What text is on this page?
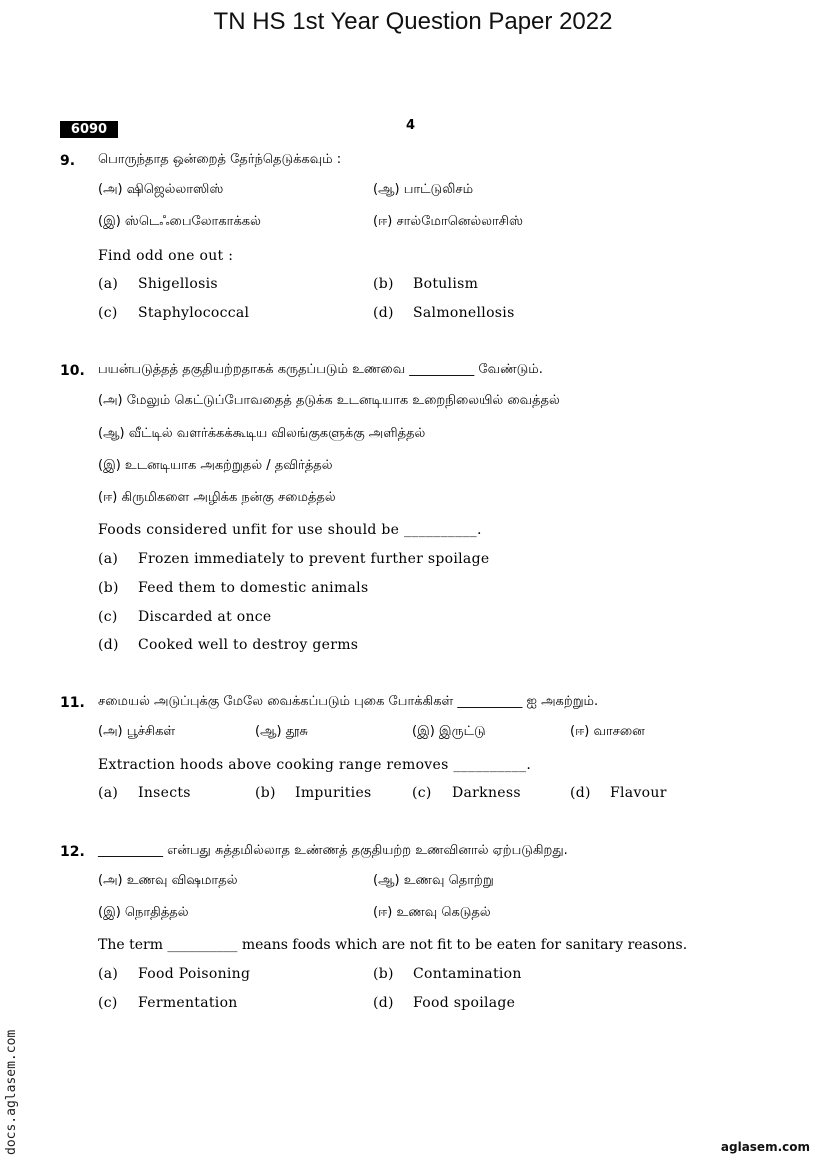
TN HS 1st Year Question Paper 2022
6090	4
9. பொருந்தாத ஒன்றைத் தேர்ந்தெடுக்கவும் :
(அ) ஷிஜெல்லாஸிஸ்	(ஆ) பாட்டுலிசம்
(இ) ஸ்டெஃபைலோகாக்கல்	(ஈ) சால்மோனெல்லாசிஸ்
Find odd one out :
(a) Shigellosis	(b) Botulism
(c) Staphylococcal	(d) Salmonellosis
10. பயன்படுத்தத் தகுதியற்றதாகக் கருதப்படும் உணவை __________ வேண்டும்.
(அ) மேலும் கெட்டுப்போவதைத் தடுக்க உடனடியாக உறைநிலையில் வைத்தல்
(ஆ) வீட்டில் வளர்க்கக்கூடிய விலங்குகளுக்கு அளித்தல்
(இ) உடனடியாக அகற்றுதல் / தவிர்த்தல்
(ஈ) கிருமிகளை அழிக்க நன்கு சமைத்தல்
Foods considered unfit for use should be __________.
(a) Frozen immediately to prevent further spoilage
(b) Feed them to domestic animals
(c) Discarded at once
(d) Cooked well to destroy germs
11. சமையல் அடுப்புக்கு மேலே வைக்கப்படும் புகை போக்கிகள் __________ ஐ அகற்றும்.
(அ) பூச்சிகள்	(ஆ) தூசு	(இ) இருட்டு	(ஈ) வாசனை
Extraction hoods above cooking range removes __________.
(a) Insects	(b) Impurities	(c) Darkness	(d) Flavour
12. __________ என்பது சுத்தமில்லாத உண்ணத் தகுதியற்ற உணவினால் ஏற்படுகிறது.
(அ) உணவு விஷமாதல்	(ஆ) உணவு தொற்று
(இ) நொதித்தல்	(ஈ) உணவு கெடுதல்
The term __________ means foods which are not fit to be eaten for sanitary reasons.
(a) Food Poisoning	(b) Contamination
(c) Fermentation	(d) Food spoilage
docs.aglasem.com	aglasem.com
